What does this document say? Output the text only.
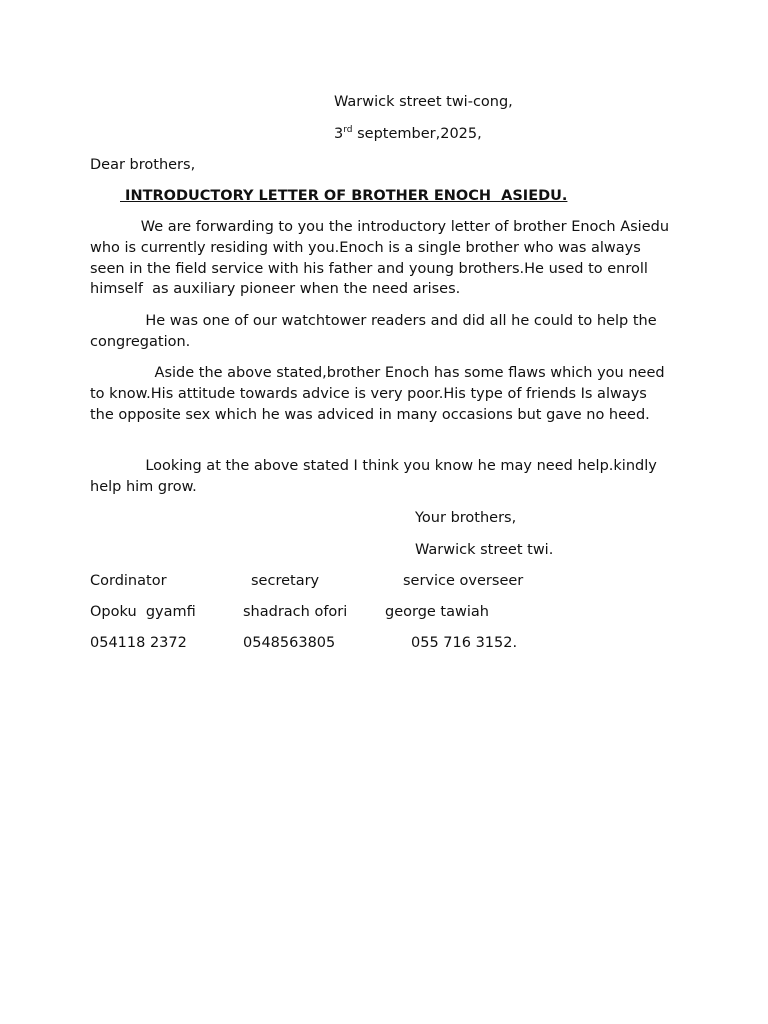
Warwick street twi-cong,
3rd september,2025,
Dear brothers,
INTRODUCTORY LETTER OF BROTHER ENOCH  ASIEDU.
We are forwarding to you the introductory letter of brother Enoch Asiedu who is currently residing with you.Enoch is a single brother who was always seen in the field service with his father and young brothers.He used to enroll himself  as auxiliary pioneer when the need arises.
He was one of our watchtower readers and did all he could to help the congregation.
Aside the above stated,brother Enoch has some flaws which you need to know.His attitude towards advice is very poor.His type of friends Is always the opposite sex which he was adviced in many occasions but gave no heed.
Looking at the above stated I think you know he may need help.kindly help him grow.
Your brothers,
Warwick street twi.
Cordinator	secretary	service overseer
Opoku  gyamfi	shadrach ofori	george tawiah
054118 2372	0548563805	055 716 3152.
